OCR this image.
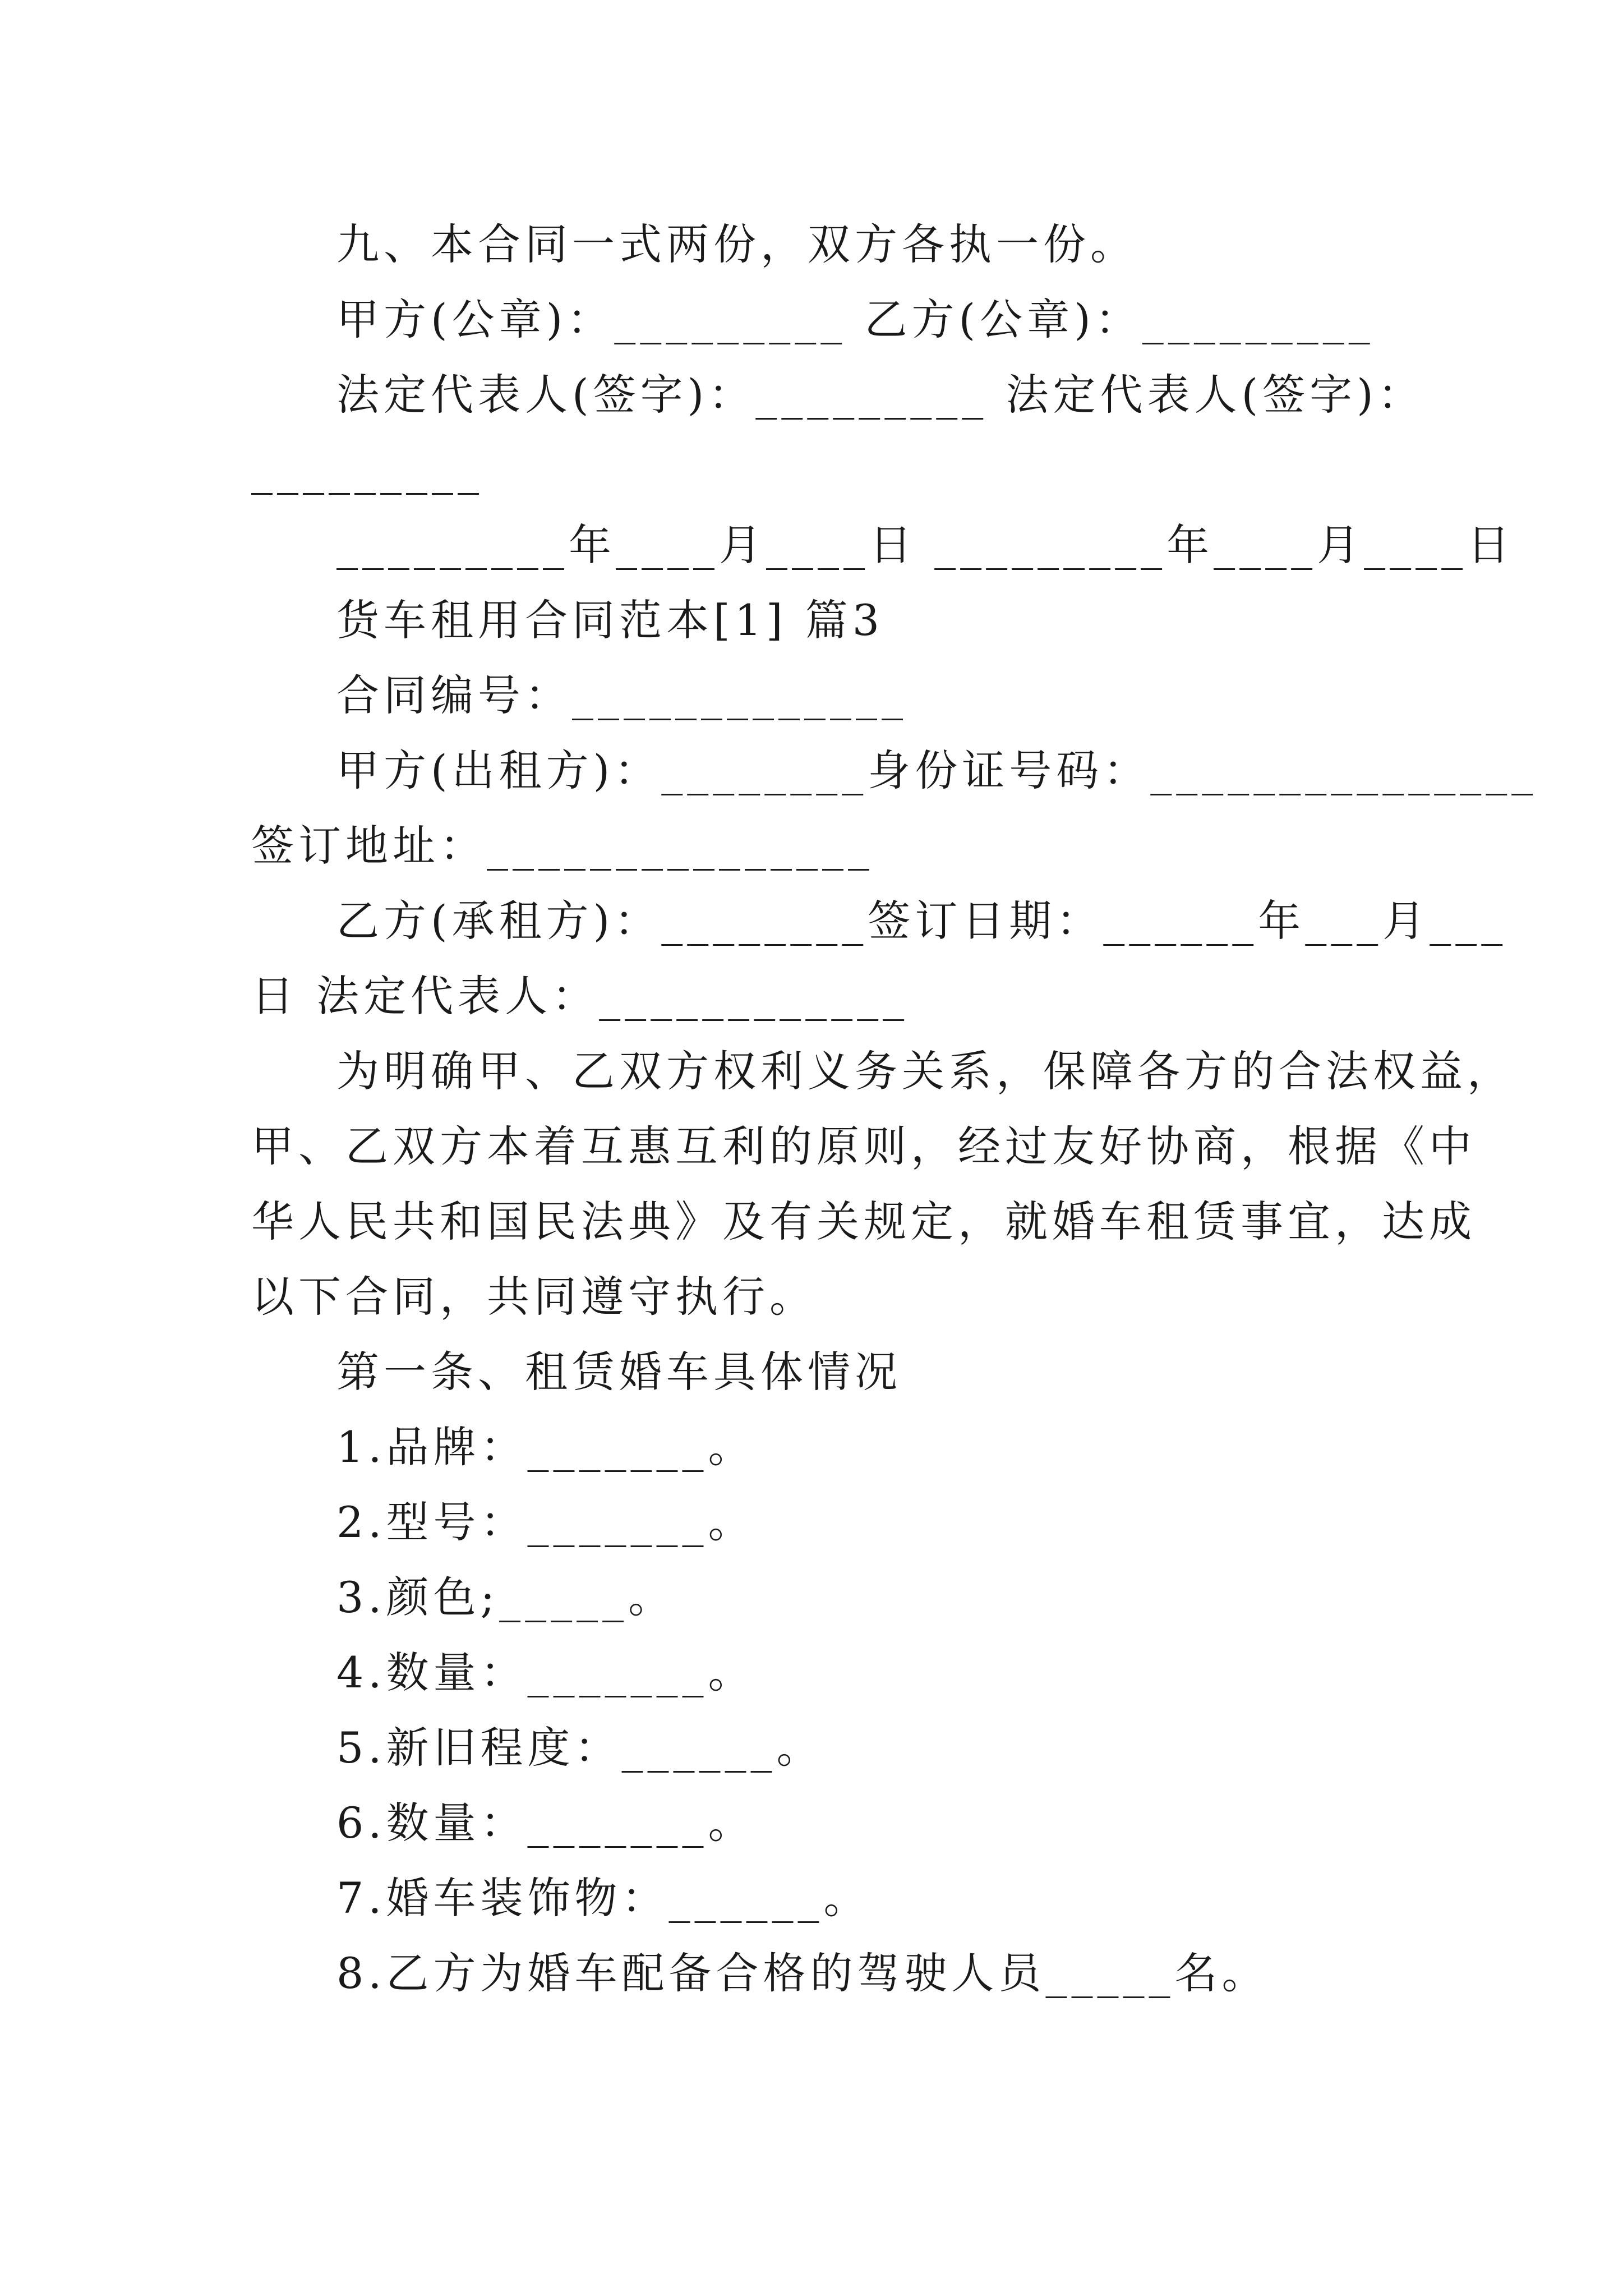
九、本合同一式两份，双方各执一份。
甲方(公章)：_________ 乙方(公章)：_________
法定代表人(签字)：_________ 法定代表人(签字)：
_________
_________年____月____日 _________年____月____日
货车租用合同范本[1] 篇3
合同编号：_____________
甲方(出租方)：________身份证号码：_______________
签订地址：_______________
乙方(承租方)：________签订日期：______年___月___
日 法定代表人：____________
为明确甲、乙双方权利义务关系，保障各方的合法权益，
甲、乙双方本着互惠互利的原则，经过友好协商，根据《中
华人民共和国民法典》及有关规定，就婚车租赁事宜，达成
以下合同，共同遵守执行。
第一条、租赁婚车具体情况
1.品牌：_______。
2.型号：_______。
3.颜色;_____。
4.数量：_______。
5.新旧程度：______。
6.数量：_______。
7.婚车装饰物：______。
8.乙方为婚车配备合格的驾驶人员_____名。
